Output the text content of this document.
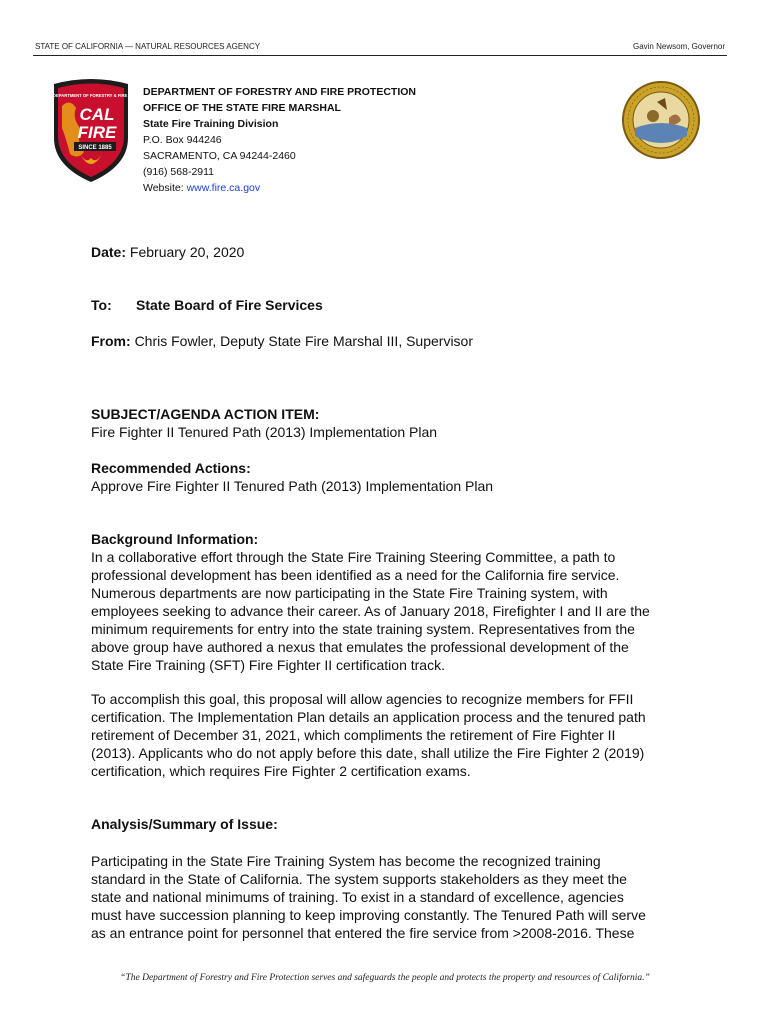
STATE OF CALIFORNIA — NATURAL RESOURCES AGENCY	Gavin Newsom, Governor
CALIFORNIA DEPARTMENT OF FORESTRY & FIRE PROTECTION
CAL
FIRE
SINCE 1885
DEPARTMENT OF FORESTRY AND FIRE PROTECTION
OFFICE OF THE STATE FIRE MARSHAL
State Fire Training Division
P.O. Box 944246
SACRAMENTO, CA 94244-2460
(916) 568-2911
Website: www.fire.ca.gov
Date: February 20, 2020
To: State Board of Fire Services
From: Chris Fowler, Deputy State Fire Marshal III, Supervisor
SUBJECT/AGENDA ACTION ITEM:
Fire Fighter II Tenured Path (2013) Implementation Plan
Recommended Actions:
Approve Fire Fighter II Tenured Path (2013) Implementation Plan
Background Information:
In a collaborative effort through the State Fire Training Steering Committee, a path to
professional development has been identified as a need for the California fire service.
Numerous departments are now participating in the State Fire Training system, with
employees seeking to advance their career. As of January 2018, Firefighter I and II are the
minimum requirements for entry into the state training system. Representatives from the
above group have authored a nexus that emulates the professional development of the
State Fire Training (SFT) Fire Fighter II certification track.
To accomplish this goal, this proposal will allow agencies to recognize members for FFII
certification. The Implementation Plan details an application process and the tenured path
retirement of December 31, 2021, which compliments the retirement of Fire Fighter II
(2013). Applicants who do not apply before this date, shall utilize the Fire Fighter 2 (2019)
certification, which requires Fire Fighter 2 certification exams.
Analysis/Summary of Issue:
Participating in the State Fire Training System has become the recognized training
standard in the State of California. The system supports stakeholders as they meet the
state and national minimums of training. To exist in a standard of excellence, agencies
must have succession planning to keep improving constantly. The Tenured Path will serve
as an entrance point for personnel that entered the fire service from >2008-2016. These
“The Department of Forestry and Fire Protection serves and safeguards the people and protects the property and resources of California.”
